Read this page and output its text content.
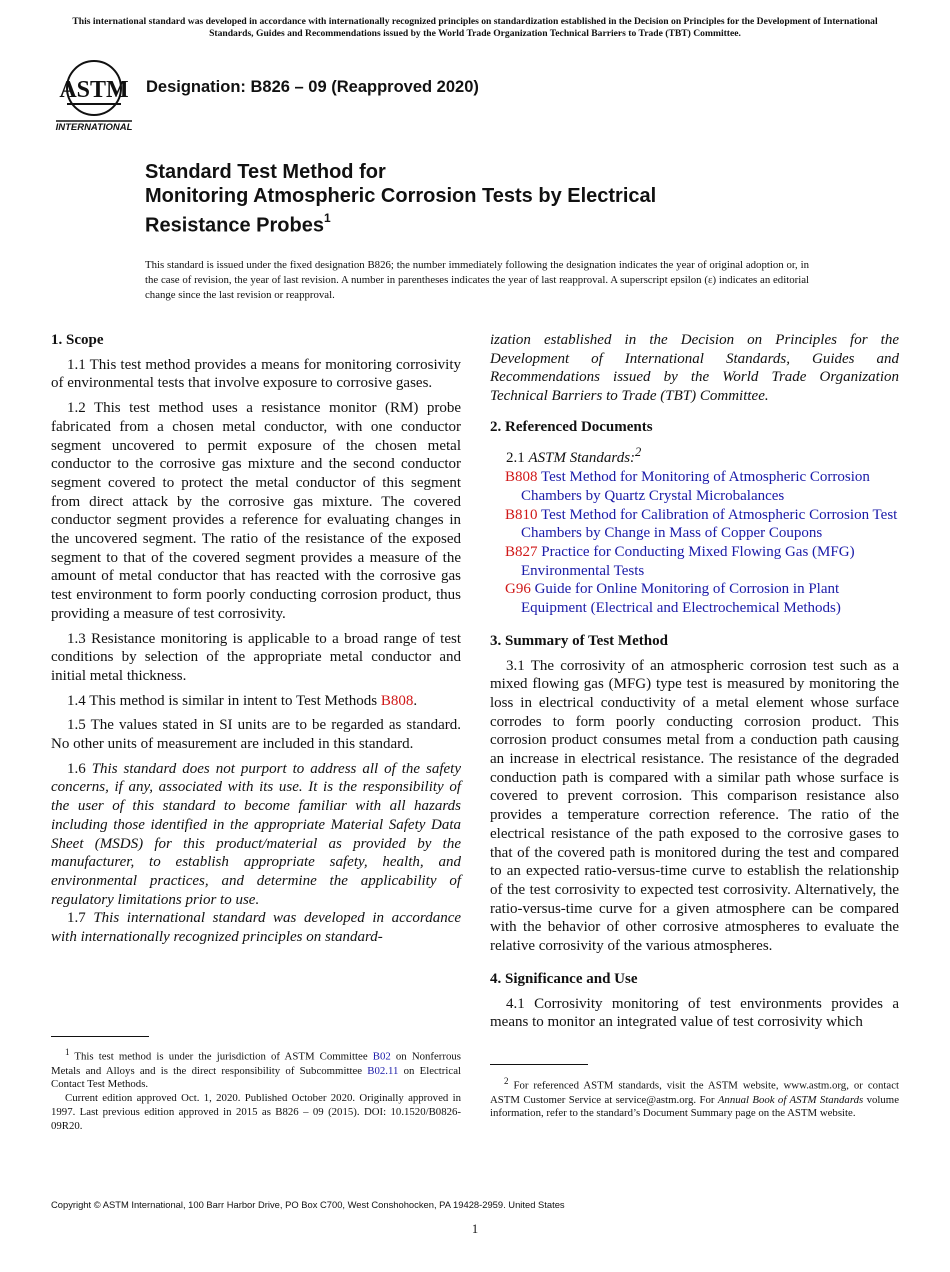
This international standard was developed in accordance with internationally recognized principles on standardization established in the Decision on Principles for the Development of International Standards, Guides and Recommendations issued by the World Trade Organization Technical Barriers to Trade (TBT) Committee.
ASTM
INTERNATIONAL
Designation: B826 – 09 (Reapproved 2020)
Standard Test Method for
Monitoring Atmospheric Corrosion Tests by Electrical
Resistance Probes$^1$
This standard is issued under the fixed designation B826; the number immediately following the designation indicates the year of original adoption or, in the case of revision, the year of last revision. A number in parentheses indicates the year of last reapproval. A superscript epsilon (ε) indicates an editorial change since the last revision or reapproval.
1. Scope

1.1 This test method provides a means for monitoring corrosivity of environmental tests that involve exposure to corrosive gases.

1.2 This test method uses a resistance monitor (RM) probe fabricated from a chosen metal conductor, with one conductor segment uncovered to permit exposure of the chosen metal conductor to the corrosive gas mixture and the second conductor segment covered to protect the metal conductor of this segment from direct attack by the corrosive gas mixture. The covered conductor segment provides a reference for evaluating changes in the uncovered segment. The ratio of the resistance of the exposed segment to that of the covered segment provides a measure of the amount of metal conductor that has reacted with the corrosive gas test environment to form poorly conducting corrosion product, thus providing a measure of test corrosivity.

1.3 Resistance monitoring is applicable to a broad range of test conditions by selection of the appropriate metal conductor and initial metal thickness.

1.4 This method is similar in intent to Test Methods B808.

1.5 The values stated in SI units are to be regarded as standard. No other units of measurement are included in this standard.

1.6 This standard does not purport to address all of the safety concerns, if any, associated with its use. It is the responsibility of the user of this standard to become familiar with all hazards including those identified in the appropriate Material Safety Data Sheet (MSDS) for this product/material as provided by the manufacturer, to establish appropriate safety, health, and environmental practices, and determine the applicability of regulatory limitations prior to use.

1.7 This international standard was developed in accordance with internationally recognized principles on standard-

ization established in the Decision on Principles for the Development of International Standards, Guides and Recommendations issued by the World Trade Organization Technical Barriers to Trade (TBT) Committee.

2. Referenced Documents

2.1 ASTM Standards:$^2$

B808 Test Method for Monitoring of Atmospheric Corrosion Chambers by Quartz Crystal Microbalances

B810 Test Method for Calibration of Atmospheric Corrosion Test Chambers by Change in Mass of Copper Coupons

B827 Practice for Conducting Mixed Flowing Gas (MFG) Environmental Tests

G96 Guide for Online Monitoring of Corrosion in Plant Equipment (Electrical and Electrochemical Methods)

3. Summary of Test Method

3.1 The corrosivity of an atmospheric corrosion test such as a mixed flowing gas (MFG) type test is measured by monitoring the loss in electrical conductivity of a metal element whose surface corrodes to form poorly conducting corrosion product. This corrosion product consumes metal from a conduction path causing an increase in electrical resistance. The resistance of the degraded conduction path is compared with a similar path whose surface is covered to prevent corrosion. This comparison resistance also provides a temperature correction reference. The ratio of the electrical resistance of the path exposed to the corrosive gases to that of the covered path is monitored during the test and compared to an expected ratio-versus-time curve to establish the relationship of the test corrosivity to expected test corrosivity. Alternatively, the ratio-versus-time curve for a given atmosphere can be compared with the behavior of other corrosive atmospheres to evaluate the relative corrosivity of the various atmospheres.

4. Significance and Use

4.1 Corrosivity monitoring of test environments provides a means to monitor an integrated value of test corrosivity which

$^1$ This test method is under the jurisdiction of ASTM Committee B02 on Nonferrous Metals and Alloys and is the direct responsibility of Subcommittee B02.11 on Electrical Contact Test Methods.

Current edition approved Oct. 1, 2020. Published October 2020. Originally approved in 1997. Last previous edition approved in 2015 as B826 – 09 (2015). DOI: 10.1520/B0826-09R20.

$^2$ For referenced ASTM standards, visit the ASTM website, www.astm.org, or contact ASTM Customer Service at service@astm.org. For Annual Book of ASTM Standards volume information, refer to the standard’s Document Summary page on the ASTM website.

Copyright © ASTM International, 100 Barr Harbor Drive, PO Box C700, West Conshohocken, PA 19428-2959. United States
1
